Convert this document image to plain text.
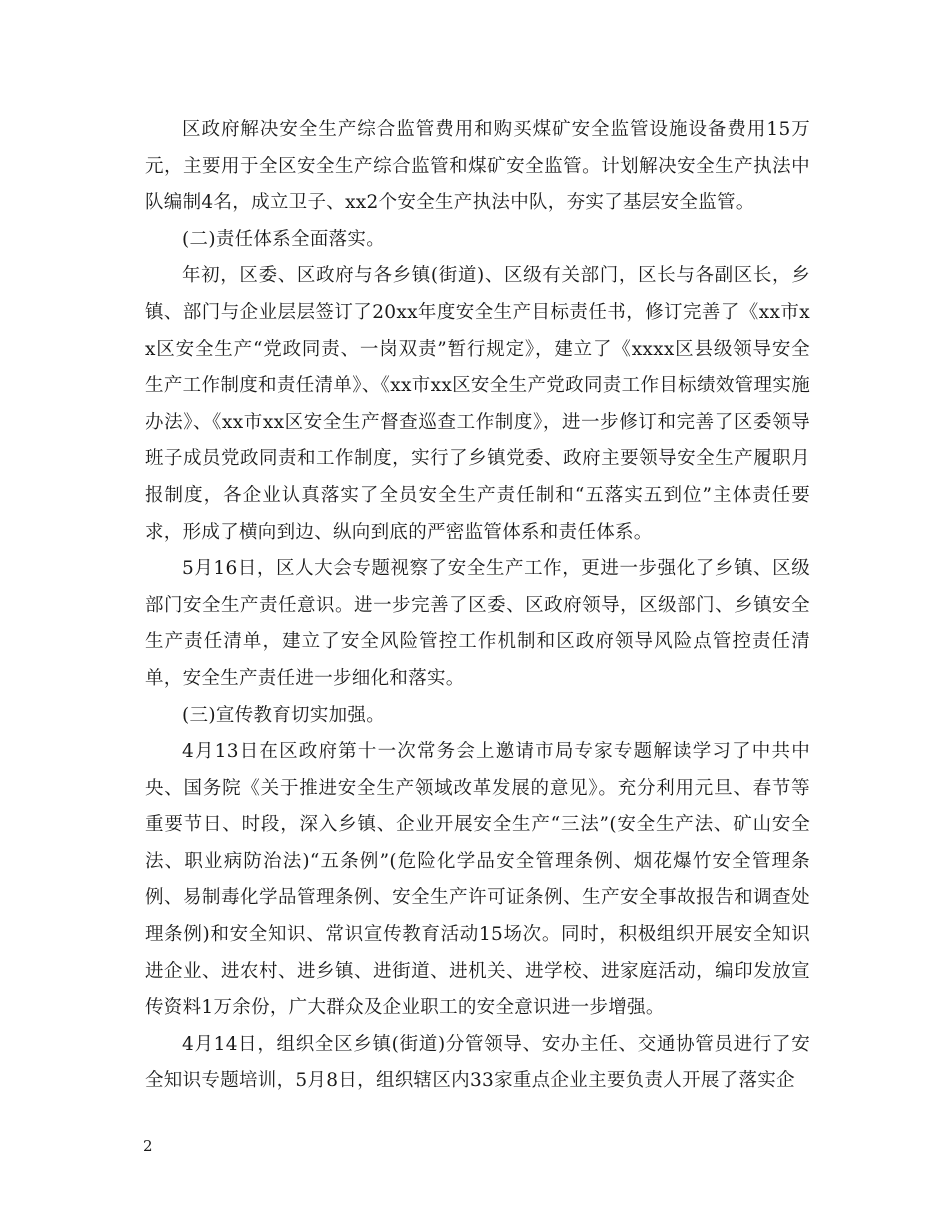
区政府解决安全生产综合监管费用和购买煤矿安全监管设施设备费用15万元，主要用于全区安全生产综合监管和煤矿安全监管。计划解决安全生产执法中队编制4名，成立卫子、xx2个安全生产执法中队，夯实了基层安全监管。

(二)责任体系全面落实。

年初，区委、区政府与各乡镇(街道)、区级有关部门，区长与各副区长，乡镇、部门与企业层层签订了20xx年度安全生产目标责任书，修订完善了《xx市xx区安全生产“党政同责、一岗双责”暂行规定》，建立了《xxxx区县级领导安全生产工作制度和责任清单》、《xx市xx区安全生产党政同责工作目标绩效管理实施办法》、《xx市xx区安全生产督查巡查工作制度》，进一步修订和完善了区委领导班子成员党政同责和工作制度，实行了乡镇党委、政府主要领导安全生产履职月报制度，各企业认真落实了全员安全生产责任制和“五落实五到位”主体责任要求，形成了横向到边、纵向到底的严密监管体系和责任体系。

5月16日，区人大会专题视察了安全生产工作，更进一步强化了乡镇、区级部门安全生产责任意识。进一步完善了区委、区政府领导，区级部门、乡镇安全生产责任清单，建立了安全风险管控工作机制和区政府领导风险点管控责任清单，安全生产责任进一步细化和落实。

(三)宣传教育切实加强。

4月13日在区政府第十一次常务会上邀请市局专家专题解读学习了中共中央、国务院《关于推进安全生产领域改革发展的意见》。充分利用元旦、春节等重要节日、时段，深入乡镇、企业开展安全生产“三法”(安全生产法、矿山安全法、职业病防治法)“五条例”(危险化学品安全管理条例、烟花爆竹安全管理条例、易制毒化学品管理条例、安全生产许可证条例、生产安全事故报告和调查处理条例)和安全知识、常识宣传教育活动15场次。同时，积极组织开展安全知识进企业、进农村、进乡镇、进街道、进机关、进学校、进家庭活动，编印发放宣传资料1万余份，广大群众及企业职工的安全意识进一步增强。

4月14日，组织全区乡镇(街道)分管领导、安办主任、交通协管员进行了安全知识专题培训，5月8日，组织辖区内33家重点企业主要负责人开展了落实企

2
